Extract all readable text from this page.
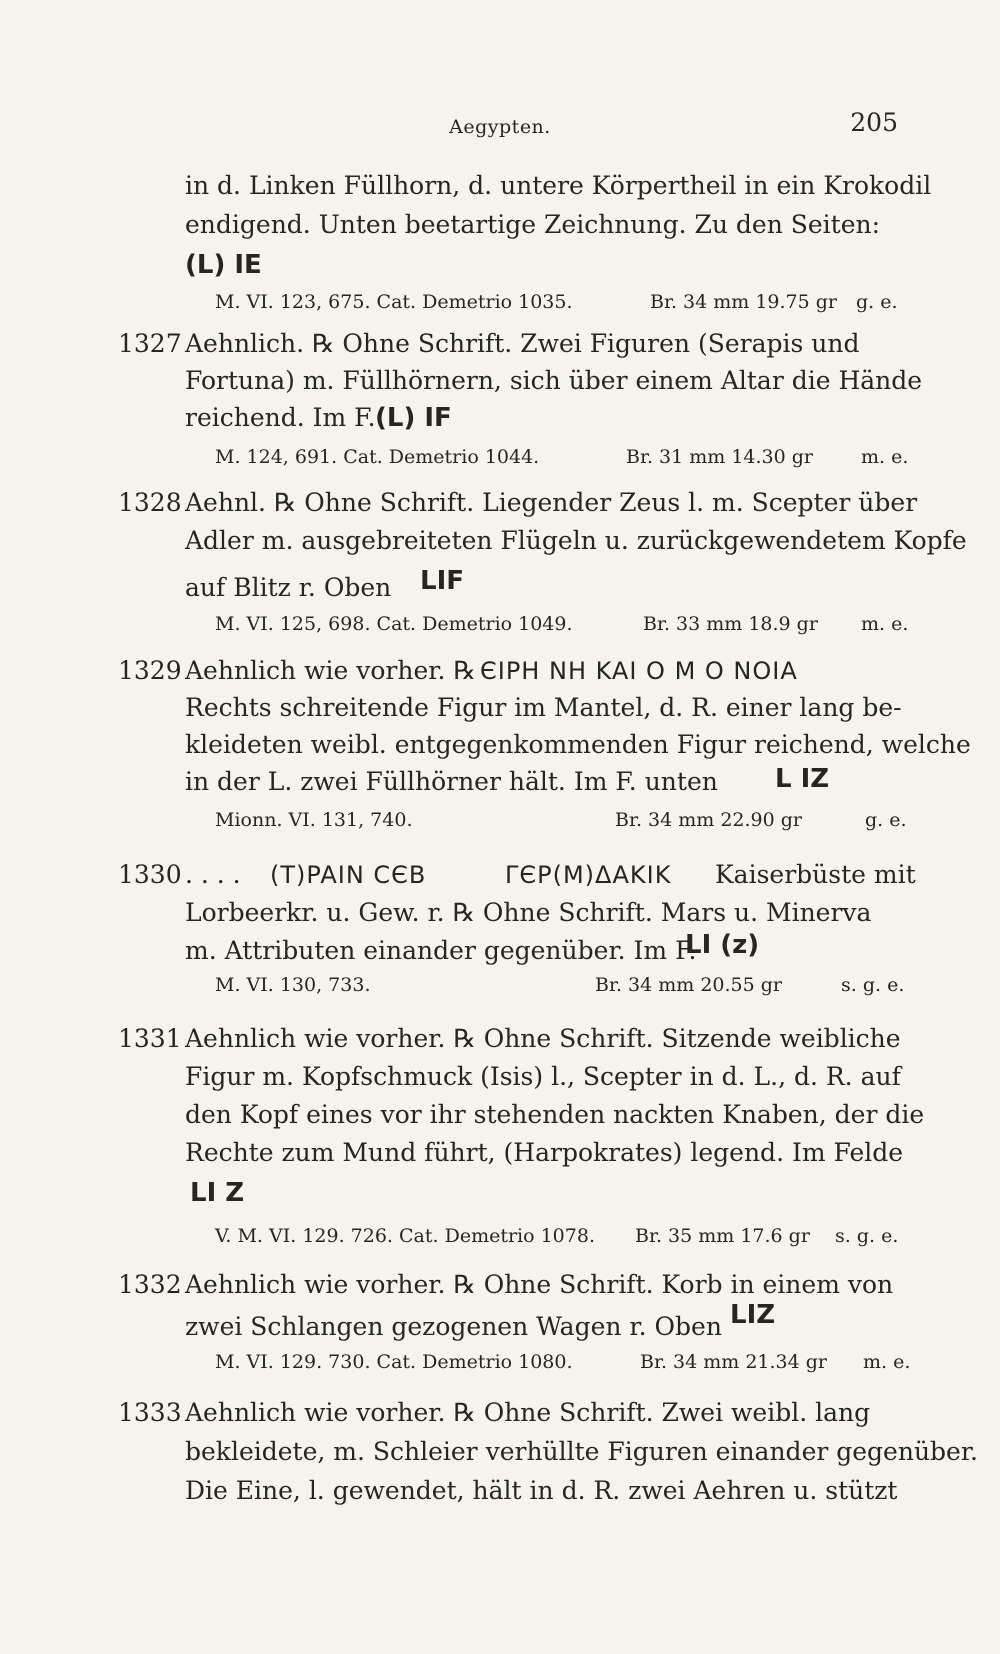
Aegypten.	205
in d. Linken Füllhorn, d. untere Körpertheil in ein Krokodil
endigend. Unten beetartige Zeichnung. Zu den Seiten:
(L) IE
M. VI. 123, 675. Cat. Demetrio 1035.	Br. 34 mm 19.75 gr g. e.
1327 Aehnlich. ℞ Ohne Schrift. Zwei Figuren (Serapis und
Fortuna) m. Füllhörnern, sich über einem Altar die Hände
reichend. Im F. (L) IF
M. 124, 691. Cat. Demetrio 1044.	Br. 31 mm 14.30 gr	m. e.
1328 Aehnl. ℞ Ohne Schrift. Liegender Zeus l. m. Scepter über
Adler m. ausgebreiteten Flügeln u. zurückgewendetem Kopfe
auf Blitz r. Oben LIF
M. VI. 125, 698. Cat. Demetrio 1049.	Br. 33 mm 18.9 gr m. e.
1329 Aehnlich wie vorher. ℞ ЄIPH NH KAI O M O NOIA
Rechts schreitende Figur im Mantel, d. R. einer lang be-
kleideten weibl. entgegenkommenden Figur reichend, welche
in der L. zwei Füllhörner hält. Im F. unten L IZ
Mionn. VI. 131, 740.	Br. 34 mm 22.90 gr	g. e.
1330 . . . . (T)PAIN CЄB	ΓЄP(M)ΔAKIK Kaiserbüste mit
Lorbeerkr. u. Gew. r. ℞ Ohne Schrift. Mars u. Minerva
m. Attributen einander gegenüber. Im F.
LI (z)
M. VI. 130, 733.	Br. 34 mm 20.55 gr	s. g. e.
1331 Aehnlich wie vorher. ℞ Ohne Schrift. Sitzende weibliche
Figur m. Kopfschmuck (Isis) l., Scepter in d. L., d. R. auf
den Kopf eines vor ihr stehenden nackten Knaben, der die
Rechte zum Mund führt, (Harpokrates) legend. Im Felde
LI Z
V. M. VI. 129. 726. Cat. Demetrio 1078. Br. 35 mm 17.6 gr s. g. e.
1332 Aehnlich wie vorher. ℞ Ohne Schrift. Korb in einem von
zwei Schlangen gezogenen Wagen r. Oben LIZ
M. VI. 129. 730. Cat. Demetrio 1080.	Br. 34 mm 21.34 gr m. e.
1333 Aehnlich wie vorher. ℞ Ohne Schrift. Zwei weibl. lang
bekleidete, m. Schleier verhüllte Figuren einander gegenüber.
Die Eine, l. gewendet, hält in d. R. zwei Aehren u. stützt
